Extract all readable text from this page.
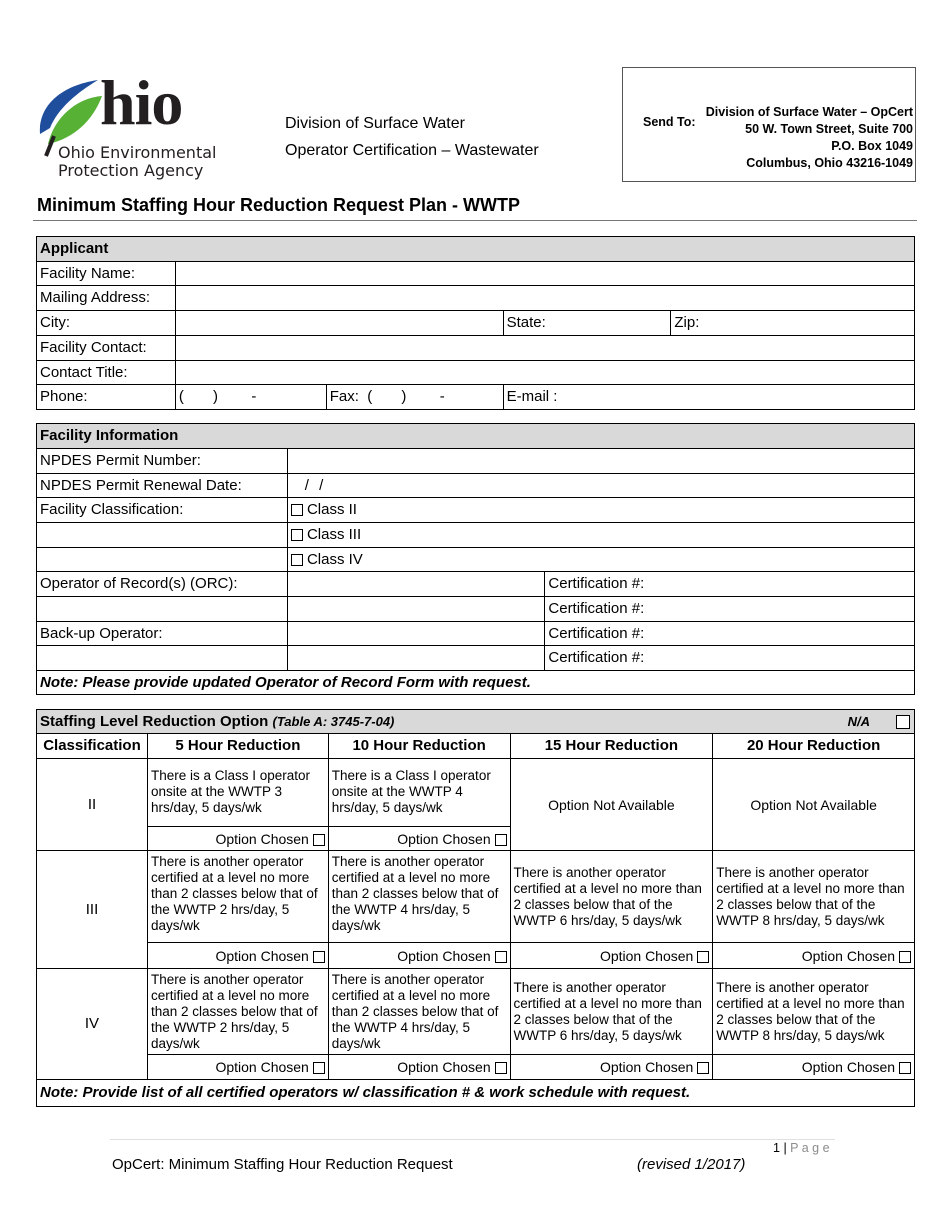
hio
Ohio Environmental
Protection Agency
Division of Surface Water
Operator Certification – Wastewater
Send To:
Division of Surface Water – OpCert
50 W. Town Street, Suite 700
P.O. Box 1049
Columbus, Ohio 43216-1049
Minimum Staffing Hour Reduction Request Plan - WWTP
Applicant				
Facility Name:				
Mailing Address:				
City:			State:	Zip:
Facility Contact:				
Contact Title:				
Phone:	(       )        -	Fax:  (       )        -	E-mail :	
Facility Information		
NPDES Permit Number:		
NPDES Permit Renewal Date:	/ /	
Facility Classification:	Class II	
	Class III	
	Class IV	
Operator of Record(s) (ORC):		Certification #:
		Certification #:
Back-up Operator:		Certification #:
		Certification #:
Note: Please provide updated Operator of Record Form with request.		
Staffing Level Reduction Option (Table A: 3745-7-04) N/A				

Classification	5 Hour Reduction	10 Hour Reduction	15 Hour Reduction	20 Hour Reduction
II	There is a Class I operator onsite at the WWTP 3 hrs/day, 5 days/wk	There is a Class I operator onsite at the WWTP 4 hrs/day, 5 days/wk	Option Not Available	Option Not Available
	Option Chosen	Option Chosen		
III	There is another operator certified at a level no more than 2 classes below that of the WWTP 2 hrs/day, 5 days/wk	There is another operator certified at a level no more than 2 classes below that of the WWTP 4 hrs/day, 5 days/wk	There is another operator certified at a level no more than 2 classes below that of the WWTP 6 hrs/day, 5 days/wk	There is another operator certified at a level no more than 2 classes below that of the WWTP 8 hrs/day, 5 days/wk
	Option Chosen	Option Chosen	Option Chosen	Option Chosen
IV	There is another operator certified at a level no more than 2 classes below that of the WWTP 2 hrs/day, 5 days/wk	There is another operator certified at a level no more than 2 classes below that of the WWTP 4 hrs/day, 5 days/wk	There is another operator certified at a level no more than 2 classes below that of the WWTP 6 hrs/day, 5 days/wk	There is another operator certified at a level no more than 2 classes below that of the WWTP 8 hrs/day, 5 days/wk
	Option Chosen	Option Chosen	Option Chosen	Option Chosen
Note: Provide list of all certified operators w/ classification # & work schedule with request.				
1 | P a g e
OpCert: Minimum Staffing Hour Reduction Request	(revised 1/2017)
